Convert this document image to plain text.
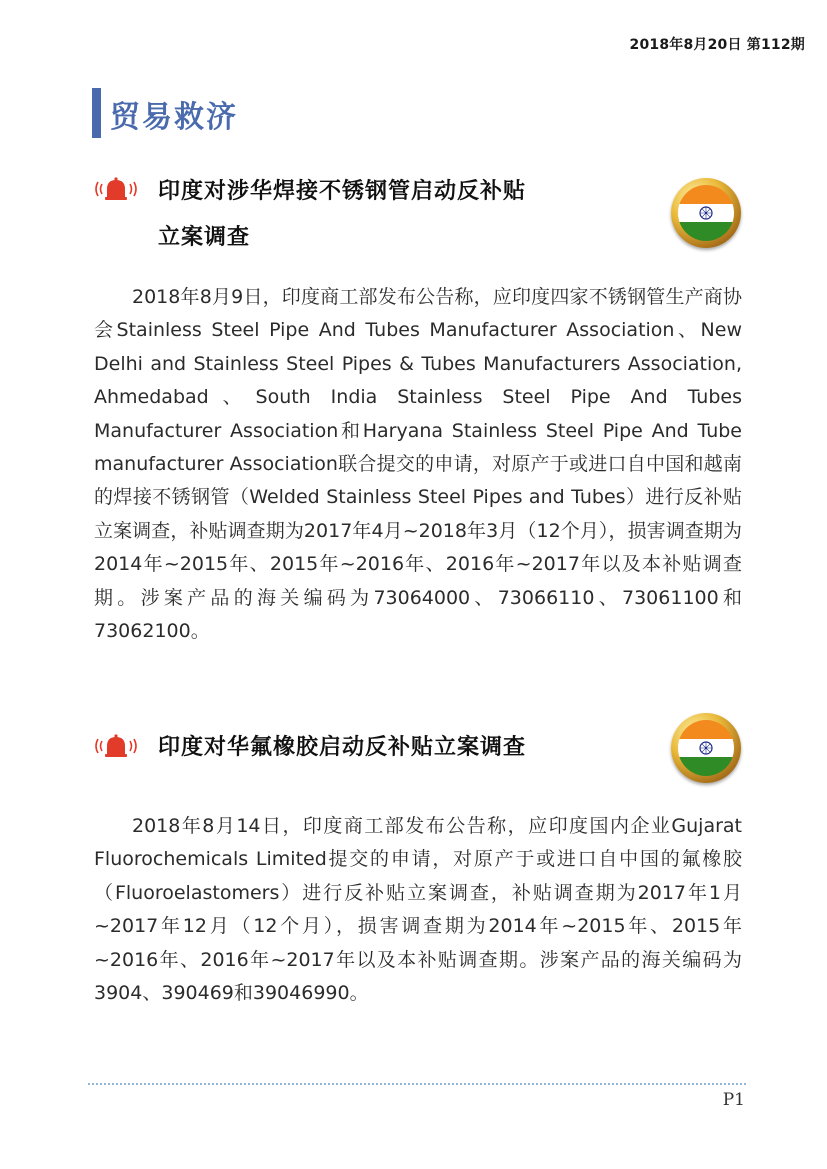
2018年8月20日 第112期
贸易救济
印度对涉华焊接不锈钢管启动反补贴
立案调查

2018年8月9日，印度商工部发布公告称，应印度四家不锈钢管生产商协会Stainless Steel Pipe And Tubes Manufacturer Association、New Delhi and Stainless Steel Pipes & Tubes Manufacturers Association, Ahmedabad、South India Stainless Steel Pipe And Tubes Manufacturer Association和Haryana Stainless Steel Pipe And Tube manufacturer Association联合提交的申请，对原产于或进口自中国和越南的焊接不锈钢管（Welded Stainless Steel Pipes and Tubes）进行反补贴立案调查，补贴调查期为2017年4月~2018年3月（12个月），损害调查期为2014年~2015年、2015年~2016年、2016年~2017年以及本补贴调查期。涉案产品的海关编码为73064000、73066110、73061100和73062100。

印度对华氟橡胶启动反补贴立案调查

2018年8月14日，印度商工部发布公告称，应印度国内企业Gujarat Fluorochemicals Limited提交的申请，对原产于或进口自中国的氟橡胶（Fluoroelastomers）进行反补贴立案调查，补贴调查期为2017年1月~2017年12月（12个月），损害调查期为2014年~2015年、2015年~2016年、2016年~2017年以及本补贴调查期。涉案产品的海关编码为3904、390469和39046990。

P1
